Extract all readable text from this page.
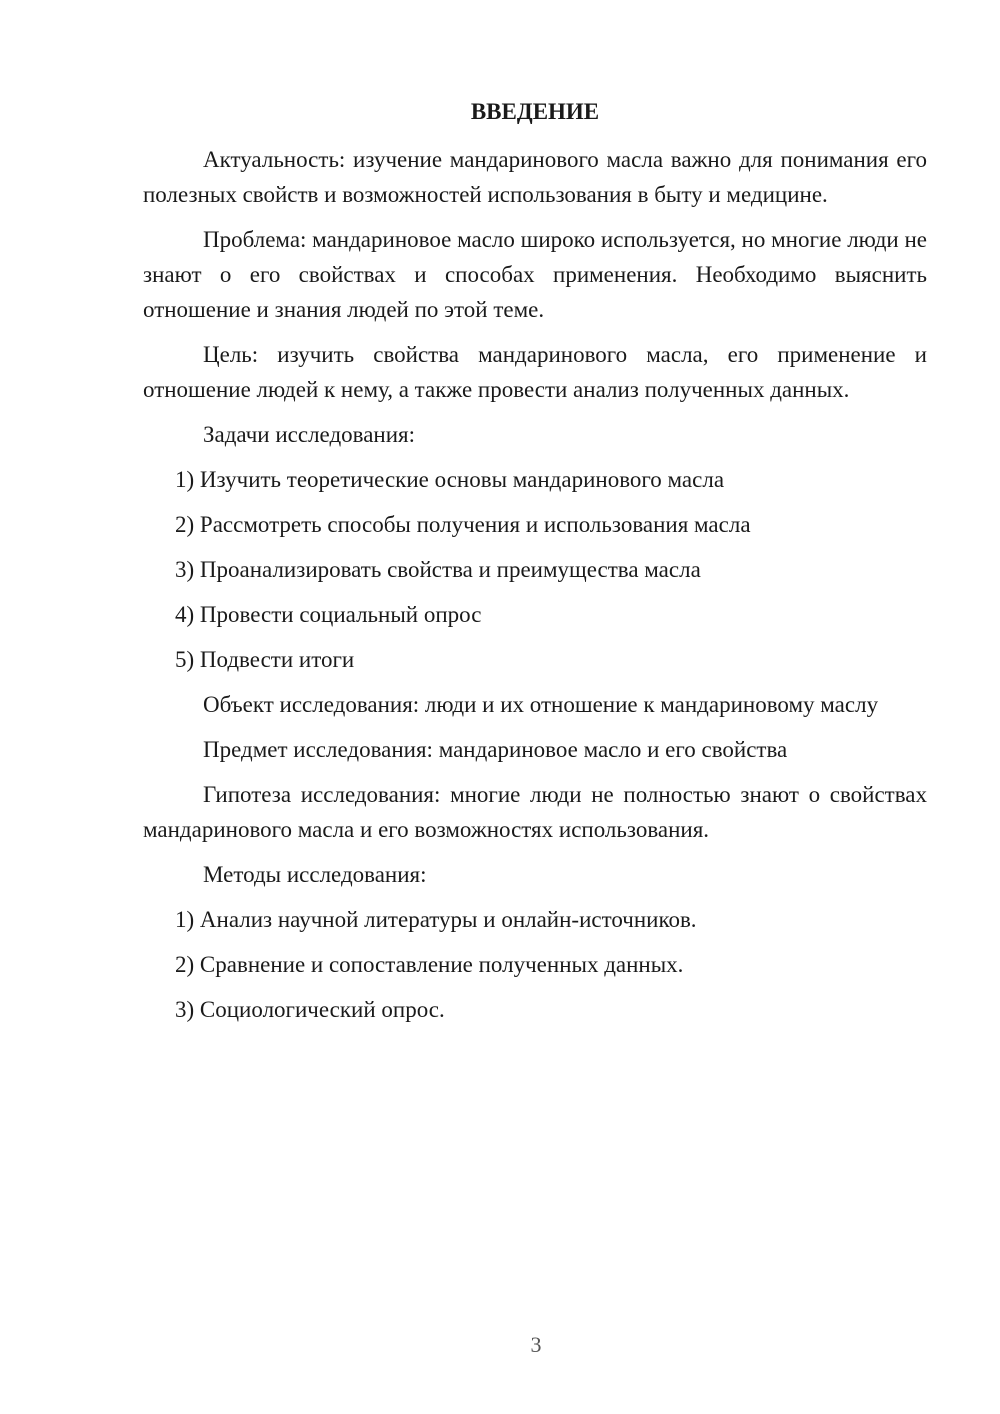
ВВЕДЕНИЕ

Актуальность: изучение мандаринового масла важно для понимания его полезных свойств и возможностей использования в быту и медицине.

Проблема: мандариновое масло широко используется, но многие люди не знают о его свойствах и способах применения. Необходимо выяснить отношение и знания людей по этой теме.

Цель: изучить свойства мандаринового масла, его применение и отношение людей к нему, а также провести анализ полученных данных.

Задачи исследования:

1) Изучить теоретические основы мандаринового масла
2) Рассмотреть способы получения и использования масла
3) Проанализировать свойства и преимущества масла
4) Провести социальный опрос
5) Подвести итоги

Объект исследования: люди и их отношение к мандариновому маслу

Предмет исследования: мандариновое масло и его свойства

Гипотеза исследования: многие люди не полностью знают о свойствах мандаринового масла и его возможностях использования.

Методы исследования:

1) Анализ научной литературы и онлайн-источников.
2) Сравнение и сопоставление полученных данных.
3) Социологический опрос.
3
